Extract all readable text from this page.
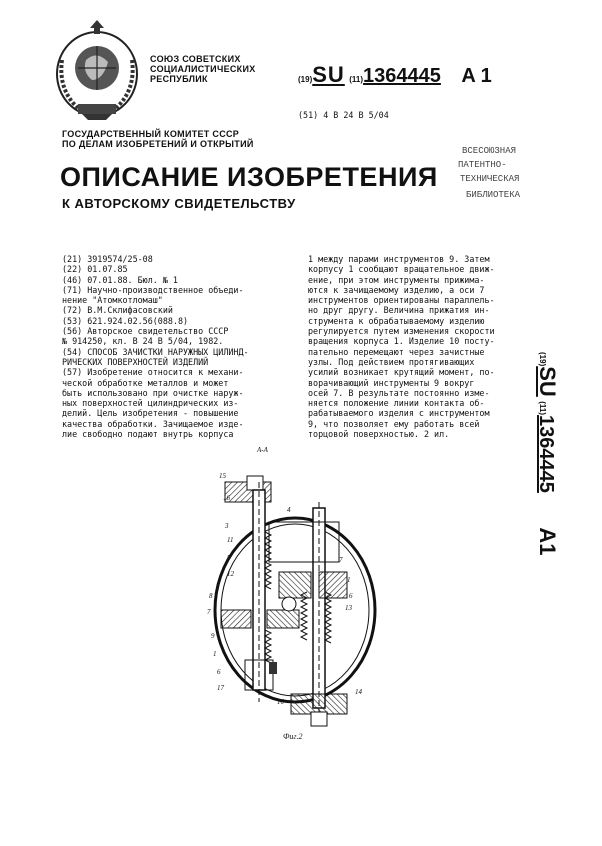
СОЮЗ СОВЕТСКИХ
СОЦИАЛИСТИЧЕСКИХ
РЕСПУБЛИК	(19)SU (11)1364445 A 1
(51) 4 B 24 B 5/04
ГОСУДАРСТВЕННЫЙ КОМИТЕТ СССР
ПО ДЕЛАМ ИЗОБРЕТЕНИЙ И ОТКРЫТИЙ
ВСЕСОЮЗНАЯ
ПАТЕНТНО-
ТЕХНИЧЕСКАЯ
БИБЛИОТЕКА
ОПИСАНИЕ ИЗОБРЕТЕНИЯ
К АВТОРСКОМУ СВИДЕТЕЛЬСТВУ
(21) 3919574/25-08
(22) 01.07.85
(46) 07.01.88. Бюл. № 1
(71) Научно-производственное объеди-
нение "Атомкотломаш"
(72) В.М.Склифасовский
(53) 621.924.02.56(088.8)
(56) Авторское свидетельство СССР
№ 914250, кл. B 24 B 5/04, 1982.
(54) СПОСОБ ЗАЧИСТКИ НАРУЖНЫХ ЦИЛИНД-
РИЧЕСКИХ ПОВЕРХНОСТЕЙ ИЗДЕЛИЙ
(57) Изобретение относится к механи-
ческой обработке металлов и может
быть использовано при очистке наруж-
ных поверхностей цилиндрических из-
делий. Цель изобретения - повышение
качества обработки. Зачищаемое изде-
лие свободно подают внутрь корпуса
1 между парами инструментов 9. Затем
корпусу 1 сообщают вращательное движ-
ение, при этом инструменты прижима-
ются к зачищаемому изделию, а оси 7
инструментов ориентированы параллель-
но друг другу. Величина прижатия ин-
струмента к обрабатываемому изделию
регулируется путем изменения скорости
вращения корпуса 1. Изделие 10 посту-
пательно перемещают через зачистные
узлы. Под действием протягивающих
усилий возникает крутящий момент, по-
ворачивающий инструменты 9 вокруг
осей 7. В результате постоянно изме-
няется положение линии контакта об-
рабатываемого изделия с инструментом
9, что позволяет ему работать всей
торцовой поверхностью. 2 ил.
(19)SU (11)1364445 A1
А-А
15
16
3
4
11
5
12
7
1
6
8
13
7
9
1
6
17	14
10
Фиг.2
